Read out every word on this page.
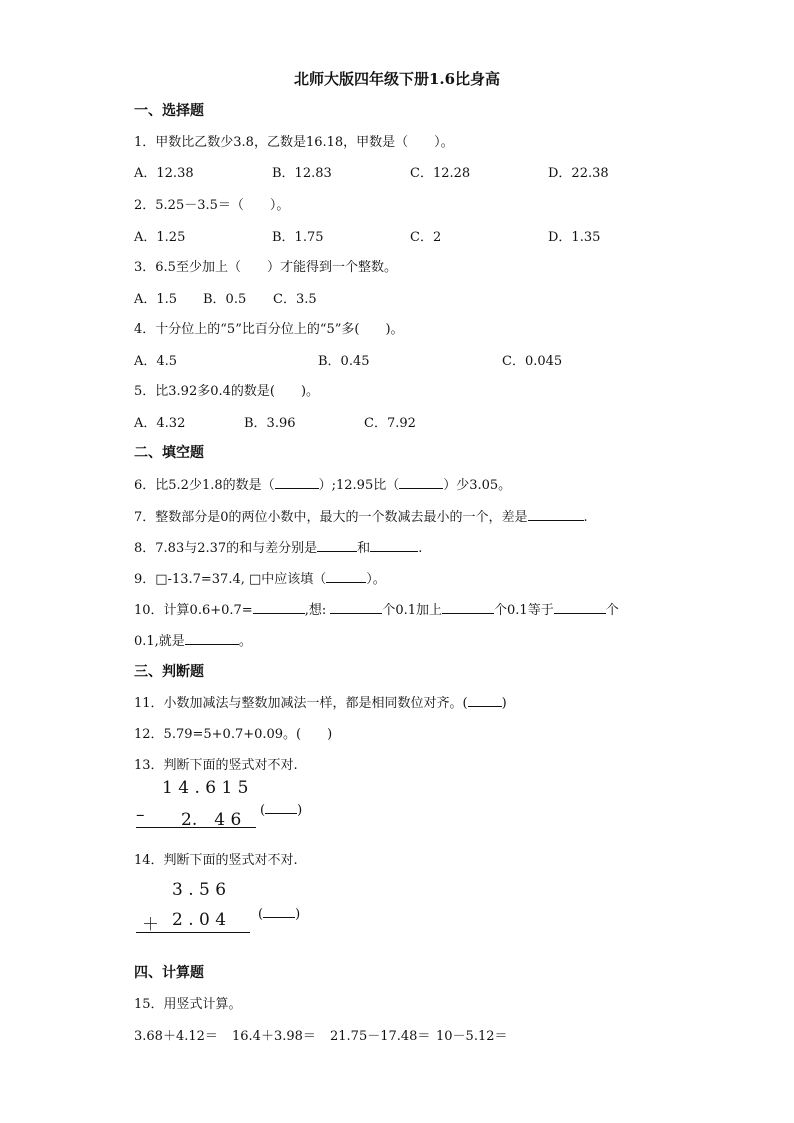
北师大版四年级下册1.6比身高
一、选择题
1．甲数比乙数少3.8，乙数是16.18，甲数是（　　）。
A．12.38	B．12.83	C．12.28	D．22.38
2．5.25－3.5＝（　　）。
A．1.25	B．1.75	C．2	D．1.35
3．6.5至少加上（　　）才能得到一个整数。
A．1.5 B．0.5 C．3.5
4．十分位上的“5”比百分位上的“5”多(　　)。
A．4.5	B．0.45	C．0.045
5．比3.92多0.4的数是(　　)。
A．4.32	B．3.96	C．7.92
二、填空题
6．比5.2少1.8的数是（	）;12.95比（	）少3.05。
7．整数部分是0的两位小数中，最大的一个数减去最小的一个，差是	.
8．7.83与2.37的和与差分别是	和	.
9．□-13.7=37.4, □中应该填（	）。
10．计算0.6+0.7=	,想:	个0.1加上	个0.1等于	个
0.1,就是	。
三、判断题
11．小数加减法与整数加减法一样，都是相同数位对齐。(	)
12．5.79=5+0.7+0.09。(　　)
13．判断下面的竖式对不对.
1 4 . 6 1 5
– 2.　4 6 ( )
14．判断下面的竖式对不对.
3 . 5 6
＋ 2 . 0 4 ( )
四、计算题
15．用竖式计算。
3.68＋4.12＝ 16.4＋3.98＝ 21.75－17.48＝ 10－5.12＝
